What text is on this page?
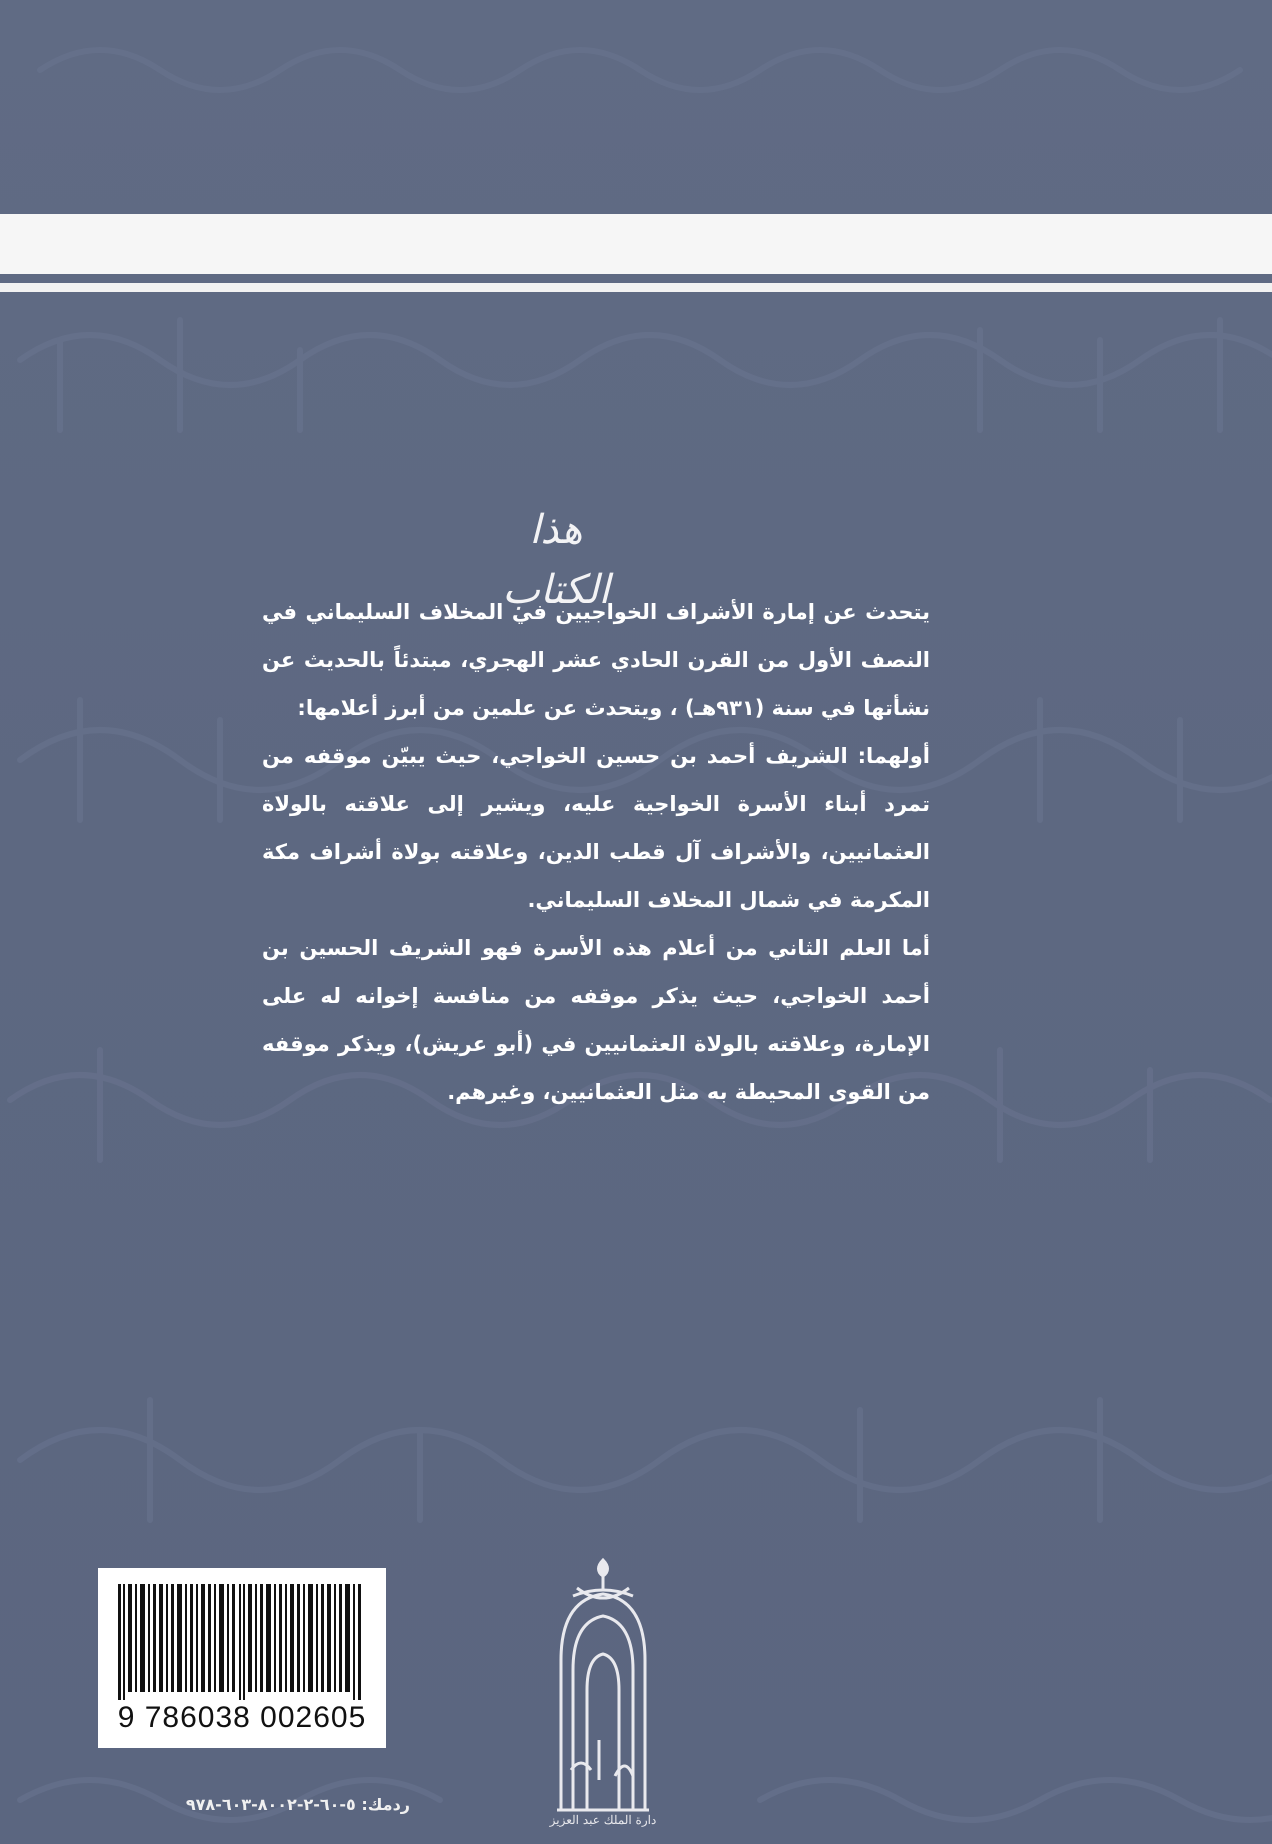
هذا الكتاب

يتحدث عن إمارة الأشراف الخواجيين في المخلاف السليماني في النصف الأول من القرن الحادي عشر الهجري، مبتدئاً بالحديث عن نشأتها في سنة (٩٣١هـ) ، ويتحدث عن علمين من أبرز أعلامها:

أولهما: الشريف أحمد بن حسين الخواجي، حيث يبيّن موقفه من تمرد أبناء الأسرة الخواجية عليه، ويشير إلى علاقته بالولاة العثمانيين، والأشراف آل قطب الدين، وعلاقته بولاة أشراف مكة المكرمة في شمال المخلاف السليماني.

أما العلم الثاني من أعلام هذه الأسرة فهو الشريف الحسين بن أحمد الخواجي، حيث يذكر موقفه من منافسة إخوانه له على الإمارة، وعلاقته بالولاة العثمانيين في (أبو عريش)، ويذكر موقفه من القوى المحيطة به مثل العثمانيين، وغيرهم.

9 786038 002605
ردمك: ٥-٦٠-٢-٨٠٠٢-٦٠٣-٩٧٨
دارة الملك عبد العزيز
